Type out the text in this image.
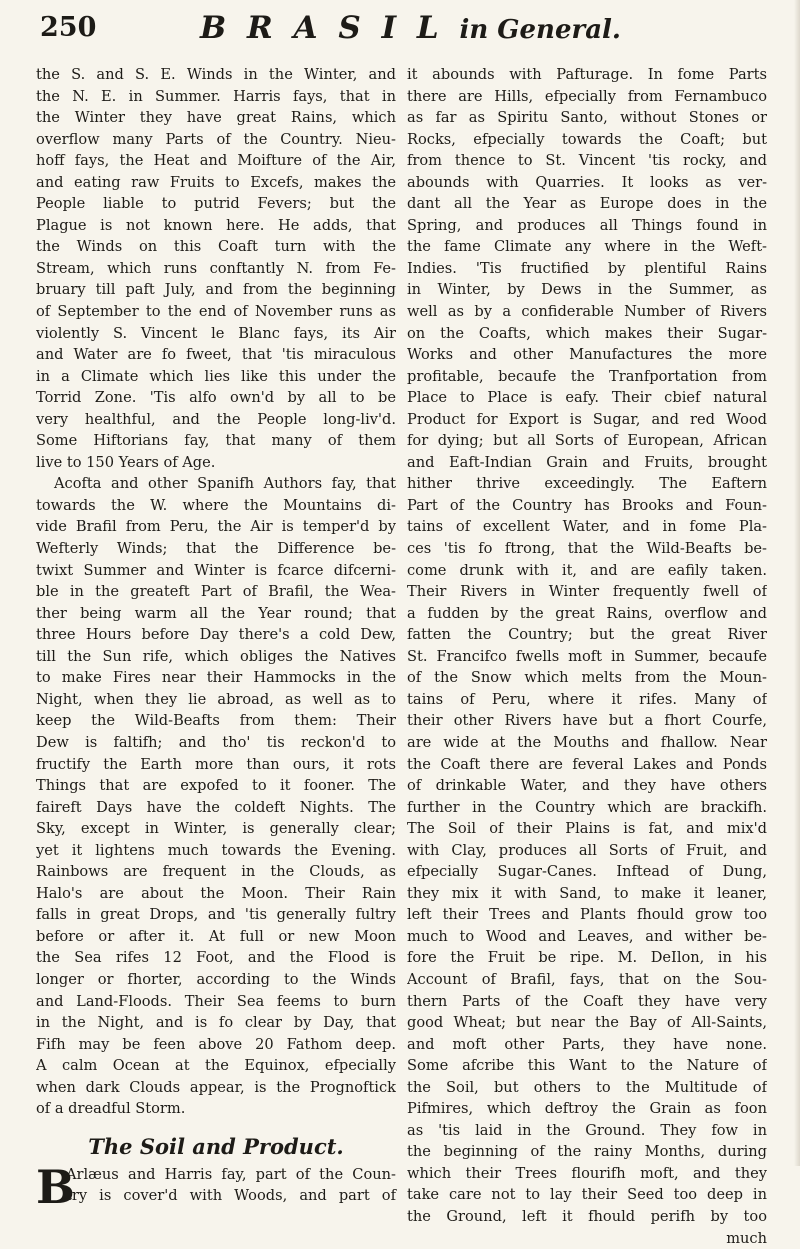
250	B R A S I L in General.
the S. and S. E. Winds in the Winter, and
the N. E. in Summer. Harris fays, that in
the Winter they have great Rains, which
overflow many Parts of the Country. Nieu-
hoff fays, the Heat and Moifture of the Air,
and eating raw Fruits to Excefs, makes the
People liable to putrid Fevers; but the
Plague is not known here. He adds, that
the Winds on this Coaft turn with the
Stream, which runs conftantly N. from Fe-
bruary till paft July, and from the beginning
of September to the end of November runs as
violently S. Vincent le Blanc fays, its Air
and Water are fo fweet, that 'tis miraculous
in a Climate which lies like this under the
Torrid Zone. 'Tis alfo own'd by all to be
very healthful, and the People long-liv'd.
Some Hiftorians fay, that many of them
live to 150 Years of Age.
Acofta and other Spanifh Authors fay, that
towards the W. where the Mountains di-
vide Brafil from Peru, the Air is temper'd by
Wefterly Winds; that the Difference be-
twixt Summer and Winter is fcarce difcerni-
ble in the greateft Part of Brafil, the Wea-
ther being warm all the Year round; that
three Hours before Day there's a cold Dew,
till the Sun rife, which obliges the Natives
to make Fires near their Hammocks in the
Night, when they lie abroad, as well as to
keep the Wild-Beafts from them: Their
Dew is faltifh; and tho' tis reckon'd to
fructify the Earth more than ours, it rots
Things that are expofed to it fooner. The
faireft Days have the coldeft Nights. The
Sky, except in Winter, is generally clear;
yet it lightens much towards the Evening.
Rainbows are frequent in the Clouds, as
Halo's are about the Moon. Their Rain
falls in great Drops, and 'tis generally fultry
before or after it. At full or new Moon
the Sea rifes 12 Foot, and the Flood is
longer or fhorter, according to the Winds
and Land-Floods. Their Sea feems to burn
in the Night, and is fo clear by Day, that
Fifh may be feen above 20 Fathom deep.
A calm Ocean at the Equinox, efpecially
when dark Clouds appear, is the Prognoftick
of a dreadful Storm.
The Soil and Product.
B
Arlæus and Harris fay, part of the Coun-
try is cover'd with Woods, and part of
it abounds with Pafturage. In fome Parts
there are Hills, efpecially from Fernambuco
as far as Spiritu Santo, without Stones or
Rocks, efpecially towards the Coaft; but
from thence to St. Vincent 'tis rocky, and
abounds with Quarries. It looks as ver-
dant all the Year as Europe does in the
Spring, and produces all Things found in
the fame Climate any where in the Weft-
Indies. 'Tis fructified by plentiful Rains
in Winter, by Dews in the Summer, as
well as by a confiderable Number of Rivers
on the Coafts, which makes their Sugar-
Works and other Manufactures the more
profitable, becaufe the Tranfportation from
Place to Place is eafy. Their cbief natural
Product for Export is Sugar, and red Wood
for dying; but all Sorts of European, African
and Eaft-Indian Grain and Fruits, brought
hither thrive exceedingly. The Eaftern
Part of the Country has Brooks and Foun-
tains of excellent Water, and in fome Pla-
ces 'tis fo ftrong, that the Wild-Beafts be-
come drunk with it, and are eafily taken.
Their Rivers in Winter frequently fwell of
a fudden by the great Rains, overflow and
fatten the Country; but the great River
St. Francifco fwells moft in Summer, becaufe
of the Snow which melts from the Moun-
tains of Peru, where it rifes. Many of
their other Rivers have but a fhort Courfe,
are wide at the Mouths and fhallow. Near
the Coaft there are feveral Lakes and Ponds
of drinkable Water, and they have others
further in the Country which are brackifh.
The Soil of their Plains is fat, and mix'd
with Clay, produces all Sorts of Fruit, and
efpecially Sugar-Canes. Inftead of Dung,
they mix it with Sand, to make it leaner,
left their Trees and Plants fhould grow too
much to Wood and Leaves, and wither be-
fore the Fruit be ripe. M. DeIlon, in his
Account of Brafil, fays, that on the Sou-
thern Parts of the Coaft they have very
good Wheat; but near the Bay of All-Saints,
and moft other Parts, they have none.
Some afcribe this Want to the Nature of
the Soil, but others to the Multitude of
Pifmires, which deftroy the Grain as foon
as 'tis laid in the Ground. They fow in
the beginning of the rainy Months, during
which their Trees flourifh moft, and they
take care not to lay their Seed too deep in
the Ground, left it fhould perifh by too
much
